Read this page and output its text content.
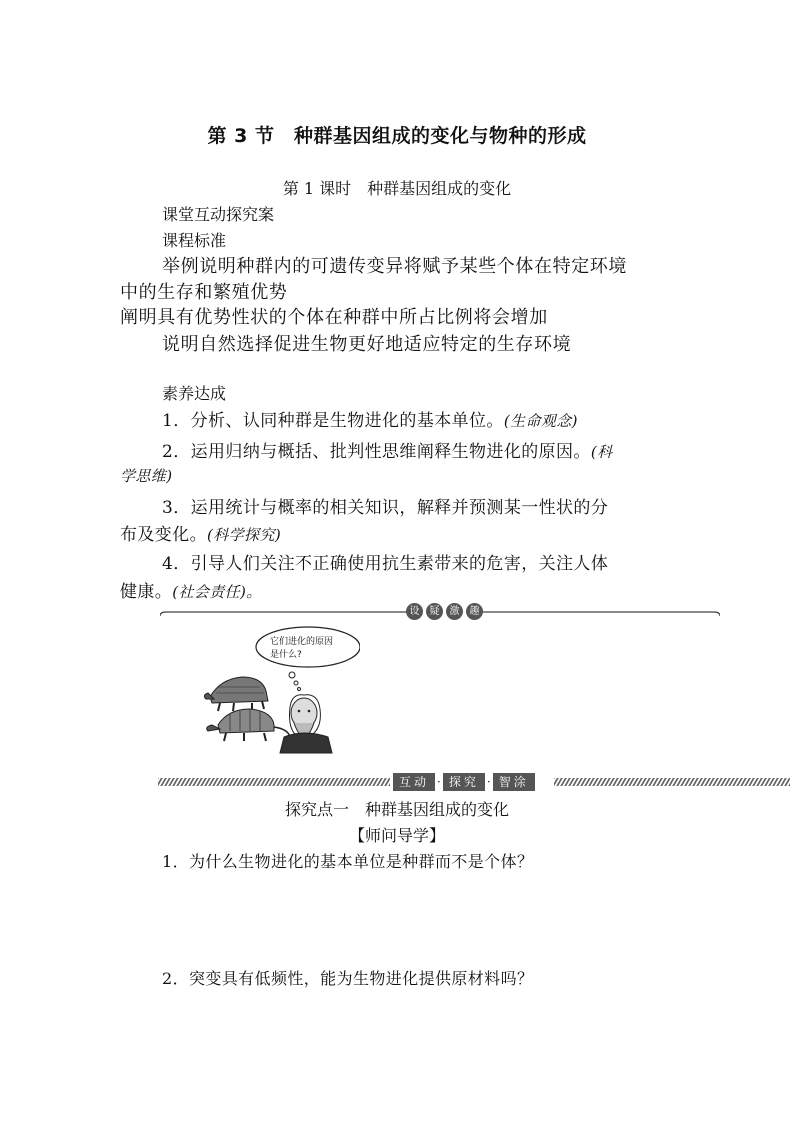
第 3 节　种群基因组成的变化与物种的形成
第 1 课时　种群基因组成的变化
课堂互动探究案
课程标准
举例说明种群内的可遗传变异将赋予某些个体在特定环境
中的生存和繁殖优势
阐明具有优势性状的个体在种群中所占比例将会增加
说明自然选择促进生物更好地适应特定的生存环境
素养达成
1．分析、认同种群是生物进化的基本单位。(生命观念)
2．运用归纳与概括、批判性思维阐释生物进化的原因。(科
学思维)
3．运用统计与概率的相关知识，解释并预测某一性状的分
布及变化。(科学探究)
4．引导人们关注不正确使用抗生素带来的危害，关注人体
健康。(社会责任)。
设	疑	激	趣
它们进化的原因
是什么?
互动 · 探究 · 智涂
探究点一　种群基因组成的变化
【师问导学】
1．为什么生物进化的基本单位是种群而不是个体？
2．突变具有低频性，能为生物进化提供原材料吗？
